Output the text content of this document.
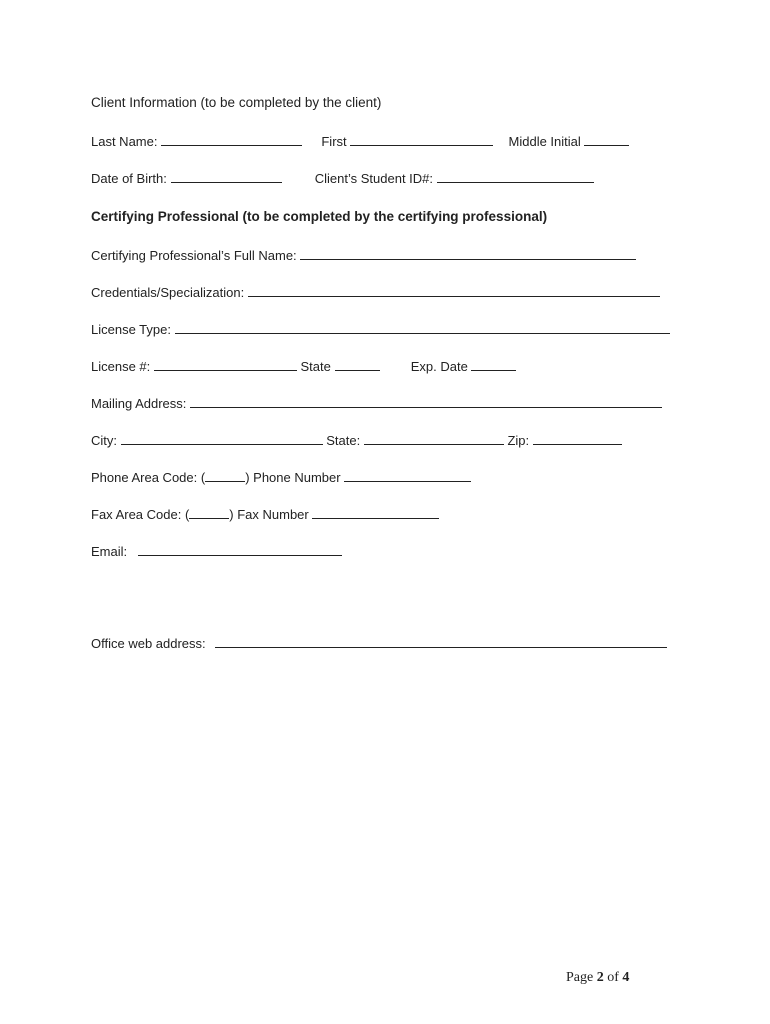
Client Information (to be completed by the client)
Last Name:	First	Middle Initial
Date of Birth:	Client’s Student ID#:
Certifying Professional (to be completed by the certifying professional)
Certifying Professional’s Full Name:
Credentials/Specialization:
License Type:
License #:	State	Exp. Date
Mailing Address:
City:	State:	Zip:
Phone Area Code: (	) Phone Number
Fax Area Code: (	) Fax Number
Email:
Office web address:
Page 2 of 4
